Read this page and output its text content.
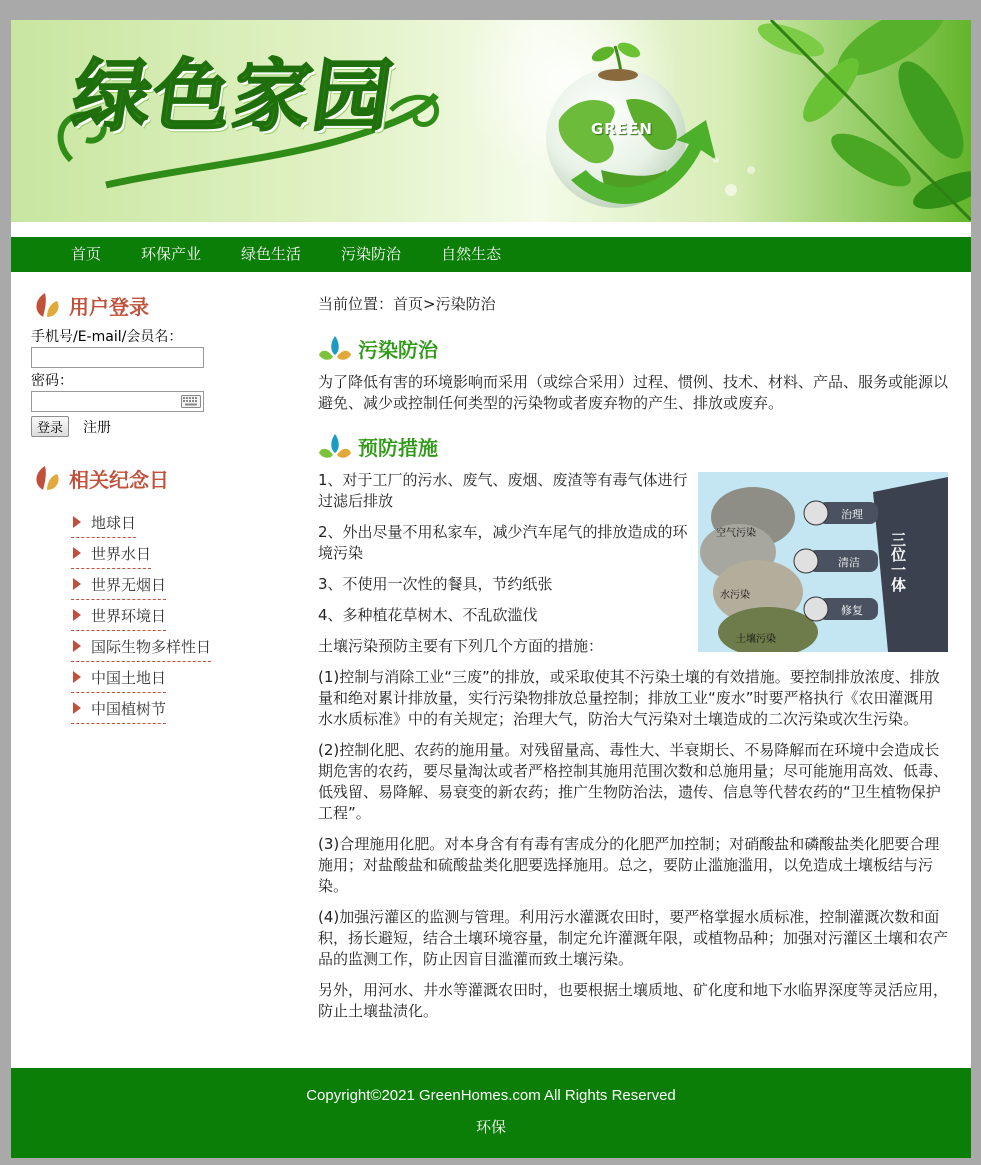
绿色家园	GREEN
首页	环保产业	绿色生活	污染防治	自然生态
用户登录
手机号/E-mail/会员名：
密码：
登录	注册
相关纪念日
地球日
世界水日
世界无烟日
世界环境日
国际生物多样性日
中国土地日
中国植树节
当前位置：首页>污染防治
污染防治

为了降低有害的环境影响而采用（或综合采用）过程、惯例、技术、材料、产品、服务或能源以避免、减少或控制任何类型的污染物或者废弃物的产生、排放或废弃。

预防措施
治理
清洁
修复
空气污染
水污染
土壤污染
三位一体

1、对于工厂的污水、废气、废烟、废渣等有毒气体进行过滤后排放

2、外出尽量不用私家车，减少汽车尾气的排放造成的环境污染

3、不使用一次性的餐具，节约纸张

4、多种植花草树木、不乱砍滥伐

土壤污染预防主要有下列几个方面的措施：

(1)控制与消除工业“三废”的排放，或采取使其不污染土壤的有效措施。要控制排放浓度、排放量和绝对累计排放量，实行污染物排放总量控制；排放工业“废水”时要严格执行《农田灌溉用水水质标准》中的有关规定；治理大气，防治大气污染对土壤造成的二次污染或次生污染。

(2)控制化肥、农药的施用量。对残留量高、毒性大、半衰期长、不易降解而在环境中会造成长期危害的农药，要尽量淘汰或者严格控制其施用范围次数和总施用量；尽可能施用高效、低毒、低残留、易降解、易衰变的新农药；推广生物防治法，遗传、信息等代替农药的“卫生植物保护工程”。

(3)合理施用化肥。对本身含有有毒有害成分的化肥严加控制；对硝酸盐和磷酸盐类化肥要合理施用；对盐酸盐和硫酸盐类化肥要选择施用。总之，要防止滥施滥用，以免造成土壤板结与污染。

(4)加强污灌区的监测与管理。利用污水灌溉农田时，要严格掌握水质标准，控制灌溉次数和面积，扬长避短，结合土壤环境容量，制定允许灌溉年限，或植物品种；加强对污灌区土壤和农产品的监测工作，防止因盲目滥灌而致土壤污染。

另外，用河水、井水等灌溉农田时，也要根据土壤质地、矿化度和地下水临界深度等灵活应用，防止土壤盐渍化。

Copyright©2021 GreenHomes.com All Rights Reserved
环保
